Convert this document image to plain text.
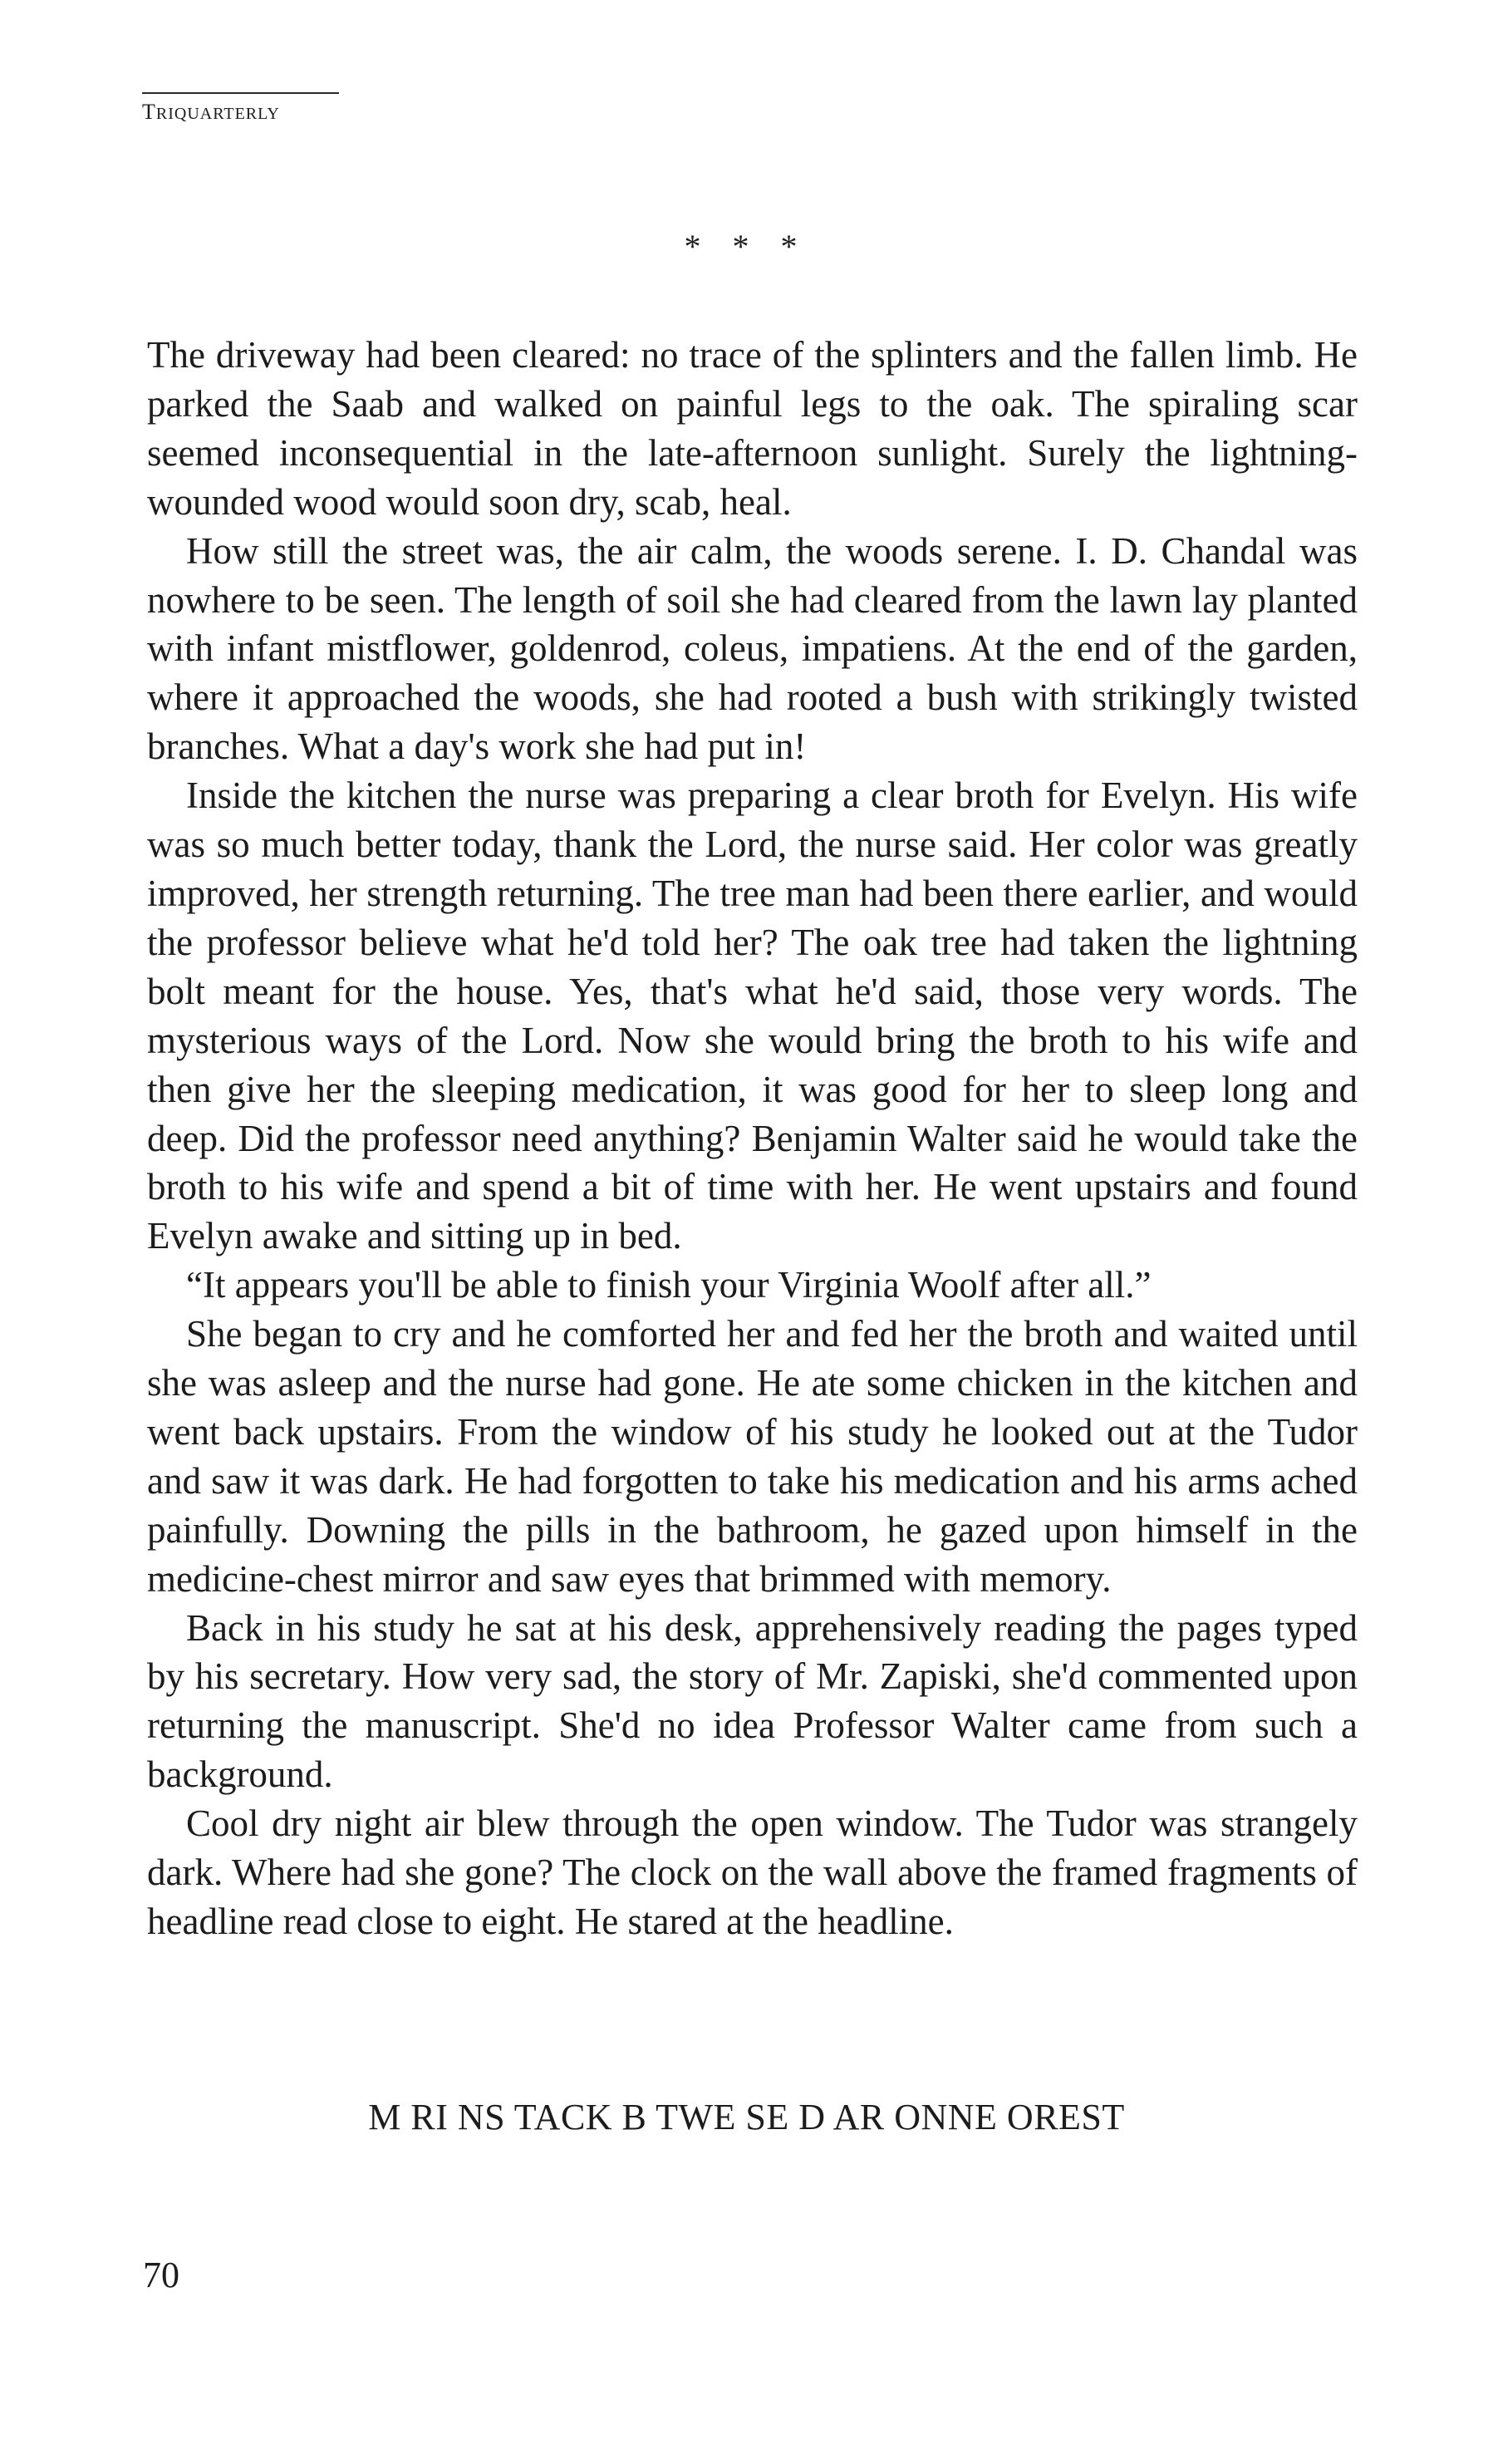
TRIQUARTERLY
* * *

The driveway had been cleared: no trace of the splinters and the fallen limb. He parked the Saab and walked on painful legs to the oak. The spiraling scar seemed inconsequential in the late-afternoon sunlight. Surely the lightning-wounded wood would soon dry, scab, heal.

How still the street was, the air calm, the woods serene. I. D. Chandal was nowhere to be seen. The length of soil she had cleared from the lawn lay planted with infant mistflower, goldenrod, coleus, impatiens. At the end of the garden, where it approached the woods, she had rooted a bush with strikingly twisted branches. What a day's work she had put in!

Inside the kitchen the nurse was preparing a clear broth for Evelyn. His wife was so much better today, thank the Lord, the nurse said. Her color was greatly improved, her strength returning. The tree man had been there earlier, and would the professor believe what he'd told her? The oak tree had taken the lightning bolt meant for the house. Yes, that's what he'd said, those very words. The mysterious ways of the Lord. Now she would bring the broth to his wife and then give her the sleeping medication, it was good for her to sleep long and deep. Did the professor need anything? Benjamin Walter said he would take the broth to his wife and spend a bit of time with her. He went upstairs and found Evelyn awake and sitting up in bed.

“It appears you'll be able to finish your Virginia Woolf after all.”

She began to cry and he comforted her and fed her the broth and waited until she was asleep and the nurse had gone. He ate some chicken in the kitchen and went back upstairs. From the window of his study he looked out at the Tudor and saw it was dark. He had forgotten to take his medication and his arms ached painfully. Downing the pills in the bathroom, he gazed upon himself in the medicine-chest mirror and saw eyes that brimmed with memory.

Back in his study he sat at his desk, apprehensively reading the pages typed by his secretary. How very sad, the story of Mr. Zapiski, she'd commented upon returning the manuscript. She'd no idea Professor Walter came from such a background.

Cool dry night air blew through the open window. The Tudor was strangely dark. Where had she gone? The clock on the wall above the framed fragments of headline read close to eight. He stared at the headline.

M RI NS TACK B TWE SE D AR ONNE OREST
70
